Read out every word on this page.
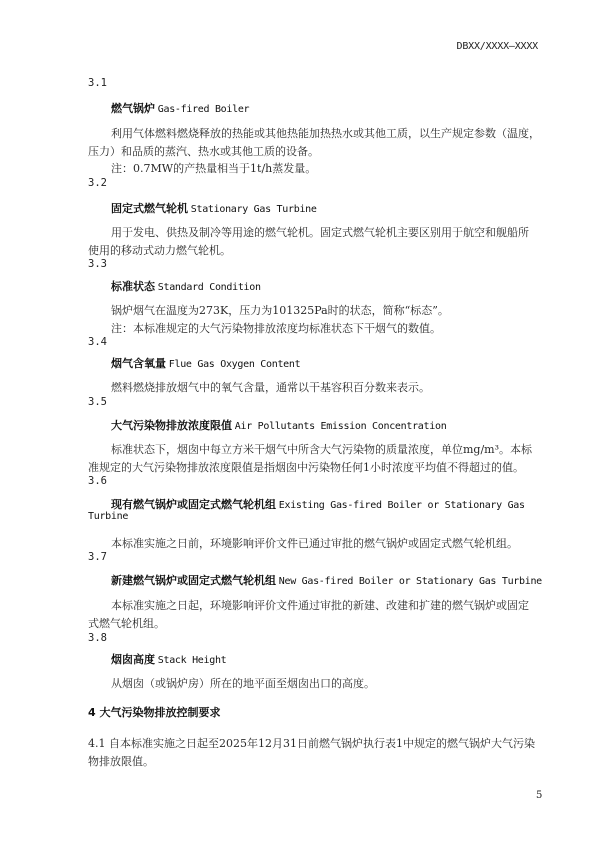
DBXX/XXXX—XXXX
3.1
燃气锅炉 Gas-fired Boiler
利用气体燃料燃烧释放的热能或其他热能加热热水或其他工质，以生产规定参数（温度，
压力）和品质的蒸汽、热水或其他工质的设备。
注：0.7MW的产热量相当于1t/h蒸发量。
3.2
固定式燃气轮机 Stationary Gas Turbine
用于发电、供热及制冷等用途的燃气轮机。固定式燃气轮机主要区别用于航空和舰船所
使用的移动式动力燃气轮机。
3.3
标准状态 Standard Condition
锅炉烟气在温度为273K，压力为101325Pa时的状态，简称“标态”。
注：本标准规定的大气污染物排放浓度均标准状态下干烟气的数值。
3.4
烟气含氧量 Flue Gas Oxygen Content
燃料燃烧排放烟气中的氧气含量，通常以干基容积百分数来表示。
3.5
大气污染物排放浓度限值 Air Pollutants Emission Concentration
标准状态下，烟囱中每立方米干烟气中所含大气污染物的质量浓度，单位mg/m³。本标
准规定的大气污染物排放浓度限值是指烟囱中污染物任何1小时浓度平均值不得超过的值。
3.6
现有燃气锅炉或固定式燃气轮机组 Existing Gas-fired Boiler or Stationary Gas
Turbine
本标准实施之日前，环境影响评价文件已通过审批的燃气锅炉或固定式燃气轮机组。
3.7
新建燃气锅炉或固定式燃气轮机组 New Gas-fired Boiler or Stationary Gas Turbine
本标准实施之日起，环境影响评价文件通过审批的新建、改建和扩建的燃气锅炉或固定
式燃气轮机组。
3.8
烟囱高度 Stack Height
从烟囱（或锅炉房）所在的地平面至烟囱出口的高度。
4 大气污染物排放控制要求
4.1 自本标准实施之日起至2025年12月31日前燃气锅炉执行表1中规定的燃气锅炉大气污染
物排放限值。
5
